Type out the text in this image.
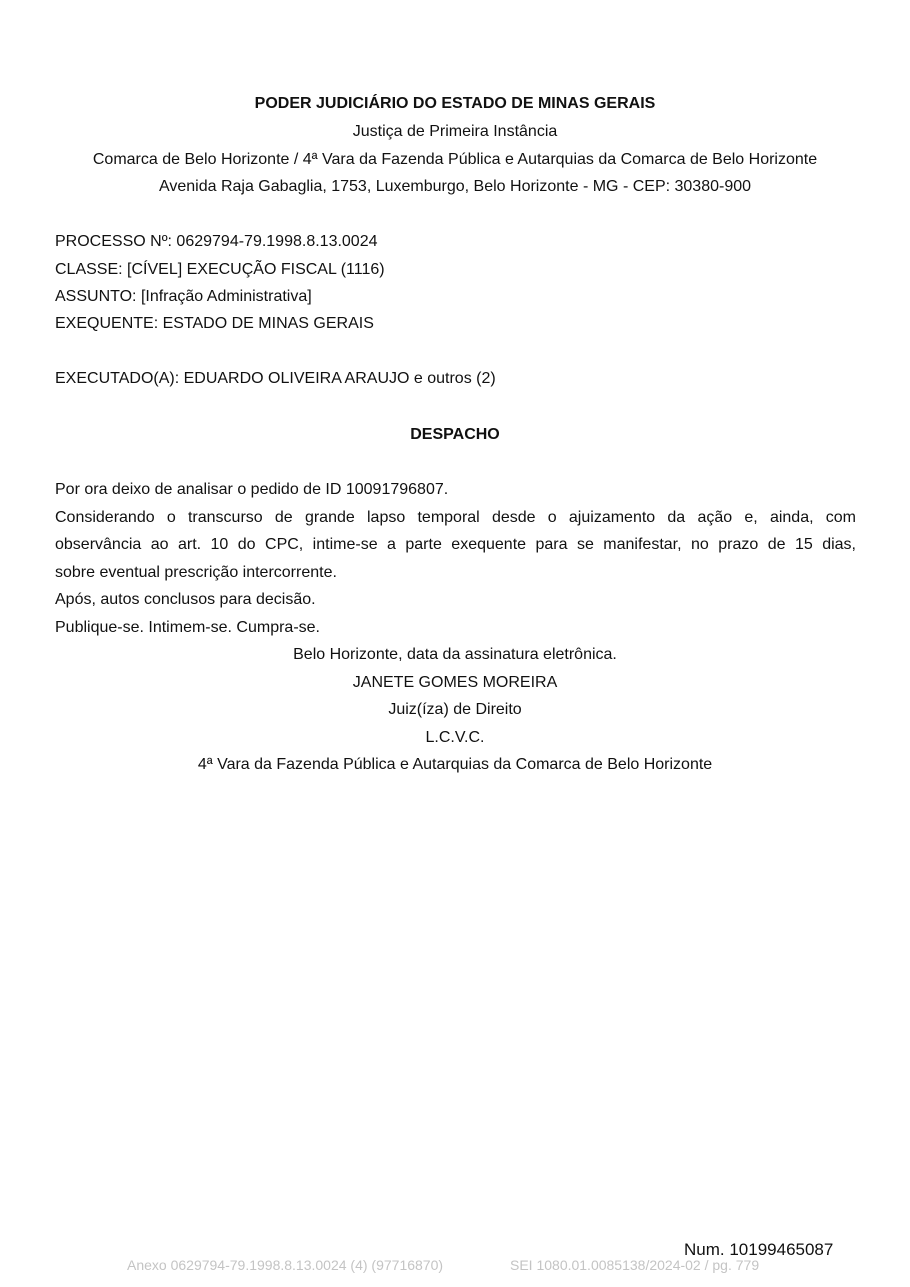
PODER JUDICIÁRIO DO ESTADO DE MINAS GERAIS
Justiça de Primeira Instância
Comarca de Belo Horizonte / 4ª Vara da Fazenda Pública e Autarquias da Comarca de Belo Horizonte
Avenida Raja Gabaglia, 1753, Luxemburgo, Belo Horizonte - MG - CEP: 30380-900
PROCESSO Nº: 0629794-79.1998.8.13.0024
CLASSE: [CÍVEL] EXECUÇÃO FISCAL (1116)
ASSUNTO: [Infração Administrativa]
EXEQUENTE: ESTADO DE MINAS GERAIS
EXECUTADO(A): EDUARDO OLIVEIRA ARAUJO e outros (2)
DESPACHO
Por ora deixo de analisar o pedido de ID 10091796807.
Considerando o transcurso de grande lapso temporal desde o ajuizamento da ação e, ainda, com
observância ao art. 10 do CPC, intime-se a parte exequente para se manifestar, no prazo de 15 dias,
sobre eventual prescrição intercorrente.
Após, autos conclusos para decisão.
Publique-se. Intimem-se. Cumpra-se.
Belo Horizonte, data da assinatura eletrônica.
JANETE GOMES MOREIRA
Juiz(íza) de Direito
L.C.V.C.
4ª Vara da Fazenda Pública e Autarquias da Comarca de Belo Horizonte
Num. 10199465087
Anexo 0629794-79.1998.8.13.0024 (4) (97716870)	SEI 1080.01.0085138/2024-02 / pg. 779
